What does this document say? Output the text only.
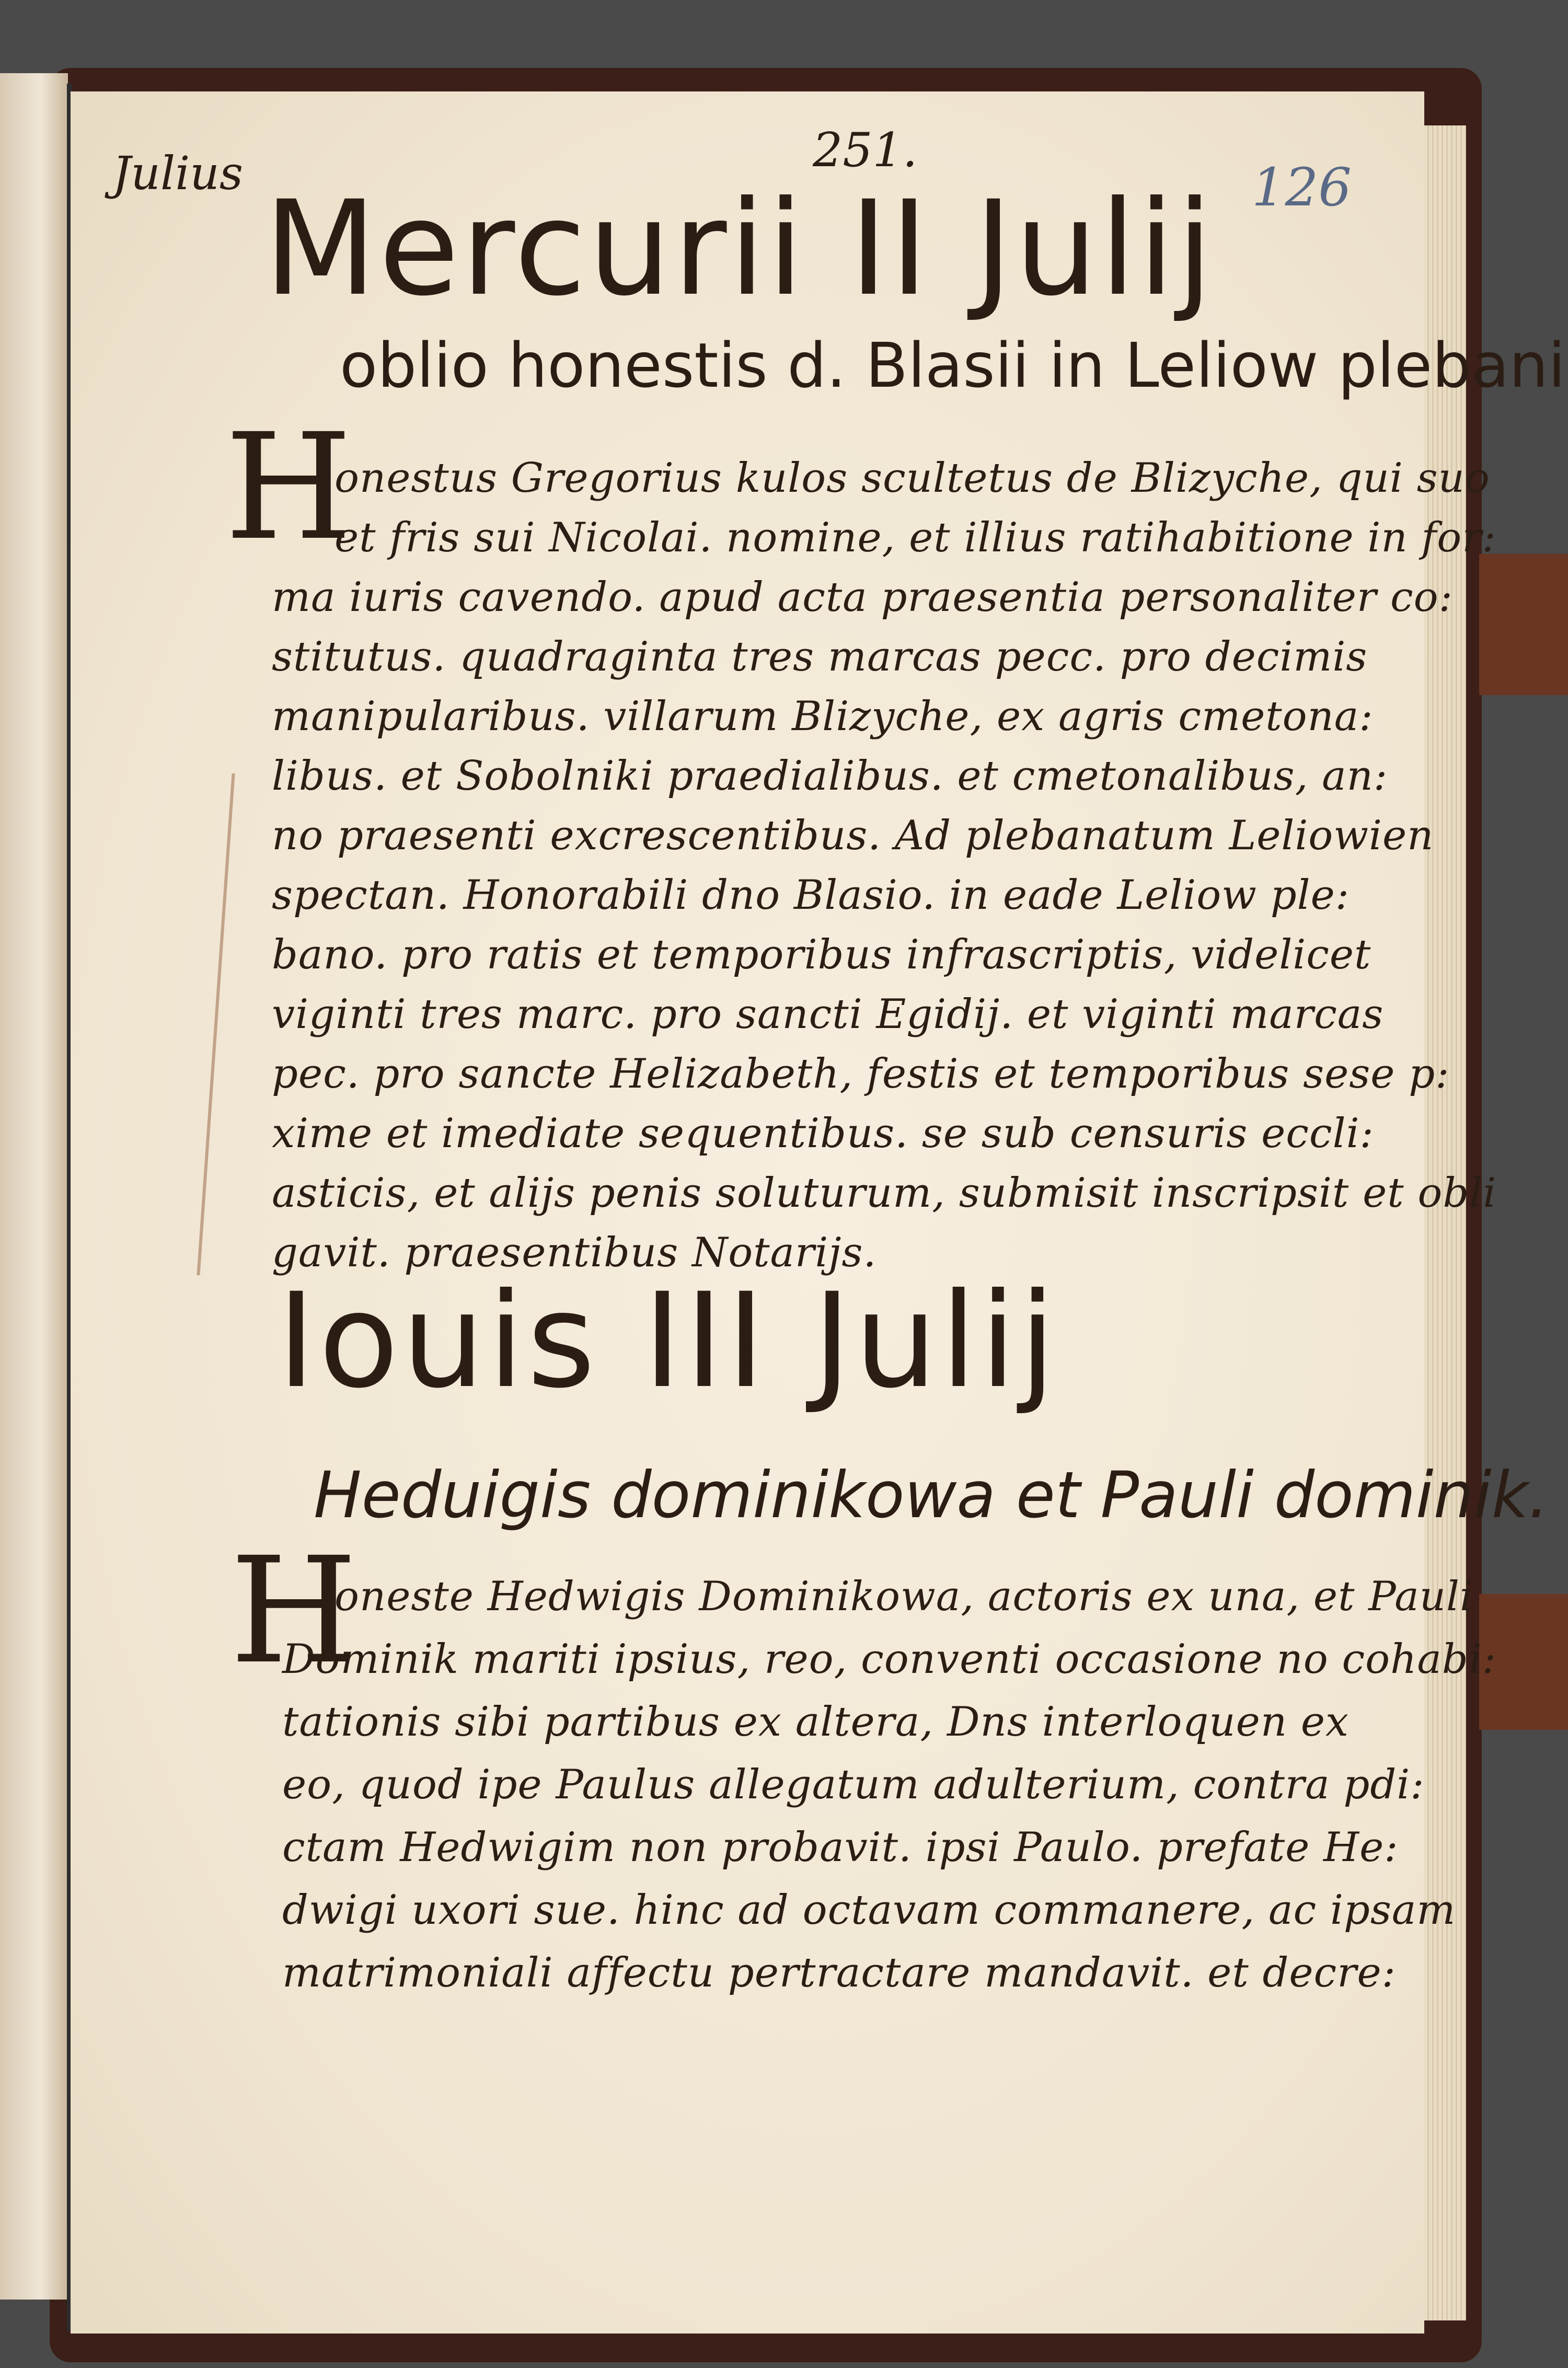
Julius	251.
126
Mercurii II Julij
oblio honestis d. Blasii in Leliow plebani
H
onestus Gregorius kulos scultetus de Blizyche, qui suo
et fris sui Nicolai. nomine, et illius ratihabitione in for:
ma iuris cavendo. apud acta praesentia personaliter co:
stitutus. quadraginta tres marcas pecc. pro decimis
manipularibus. villarum Blizyche, ex agris cmetona:
libus. et Sobolniki praedialibus. et cmetonalibus, an:
no praesenti excrescentibus. Ad plebanatum Leliowien
spectan. Honorabili dno Blasio. in eade Leliow ple:
bano. pro ratis et temporibus infrascriptis, videlicet
viginti tres marc. pro sancti Egidij. et viginti marcas
pec. pro sancte Helizabeth, festis et temporibus sese p:
xime et imediate sequentibus. se sub censuris eccli:
asticis, et alijs penis soluturum, submisit inscripsit et obli
gavit. praesentibus Notarijs.
Iouis III Julij
Heduigis dominikowa et Pauli dominik.
H
oneste Hedwigis Dominikowa, actoris ex una, et Pauli
Dominik mariti ipsius, reo, conventi occasione no cohabi:
tationis sibi partibus ex altera, Dns interloquen ex
eo, quod ipe Paulus allegatum adulterium, contra pdi:
ctam Hedwigim non probavit. ipsi Paulo. prefate He:
dwigi uxori sue. hinc ad octavam commanere, ac ipsam
matrimoniali affectu pertractare mandavit. et decre:
